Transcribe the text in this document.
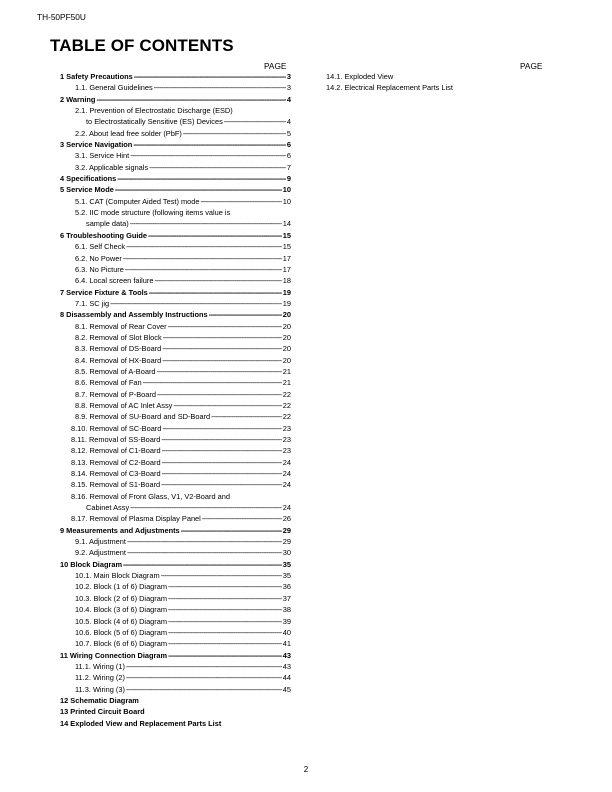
TH-50PF50U
TABLE OF CONTENTS
PAGE	PAGE
1 Safety Precautions -----	3
1.1. General Guidelines -----	3
2 Warning -----	4
2.1. Prevention of Electrostatic Discharge (ESD)
to Electrostatically Sensitive (ES) Devices -----	4
2.2. About lead free solder (PbF) -----	5
3 Service Navigation -----	6
3.1. Service Hint -----	6
3.2. Applicable signals -----	7
4 Specifications -----	9
5 Service Mode -----	10
5.1. CAT (Computer Aided Test) mode -----	10
5.2. IIC mode structure (following items value is
sample data) -----	14
6 Troubleshooting Guide -----	15
6.1. Self Check -----	15
6.2. No Power -----	17
6.3. No Picture -----	17
6.4. Local screen failure -----	18
7 Service Fixture & Tools -----	19
7.1. SC jig -----	19
8 Disassembly and Assembly Instructions -----	20
8.1. Removal of Rear Cover -----	20
8.2. Removal of Slot Block -----	20
8.3. Removal of DS-Board -----	20
8.4. Removal of HX-Board -----	20
8.5. Removal of A-Board -----	21
8.6. Removal of Fan -----	21
8.7. Removal of P-Board -----	22
8.8. Removal of AC Inlet Assy -----	22
8.9. Removal of SU-Board and SD-Board -----	22
8.10. Removal of SC-Board -----	23
8.11. Removal of SS-Board -----	23
8.12. Removal of C1-Board -----	23
8.13. Removal of C2-Board -----	24
8.14. Removal of C3-Board -----	24
8.15. Removal of S1-Board -----	24
8.16. Removal of Front Glass, V1, V2-Board and
Cabinet Assy -----	24
8.17. Removal of Plasma Display Panel -----	26
9 Measurements and Adjustments -----	29
9.1. Adjustment -----	29
9.2. Adjustment -----	30
10 Block Diagram -----	35
10.1. Main Block Diagram -----	35
10.2. Block (1 of 6) Diagram -----	36
10.3. Block (2 of 6) Diagram -----	37
10.4. Block (3 of 6) Diagram -----	38
10.5. Block (4 of 6) Diagram -----	39
10.6. Block (5 of 6) Diagram -----	40
10.7. Block (6 of 6) Diagram -----	41
11 Wiring Connection Diagram -----	43
11.1. Wiring (1) -----	43
11.2. Wiring (2) -----	44
11.3. Wiring (3) -----	45
12 Schematic Diagram
13 Printed Circuit Board
14 Exploded View and Replacement Parts List
14.1. Exploded View
14.2. Electrical Replacement Parts List
2
